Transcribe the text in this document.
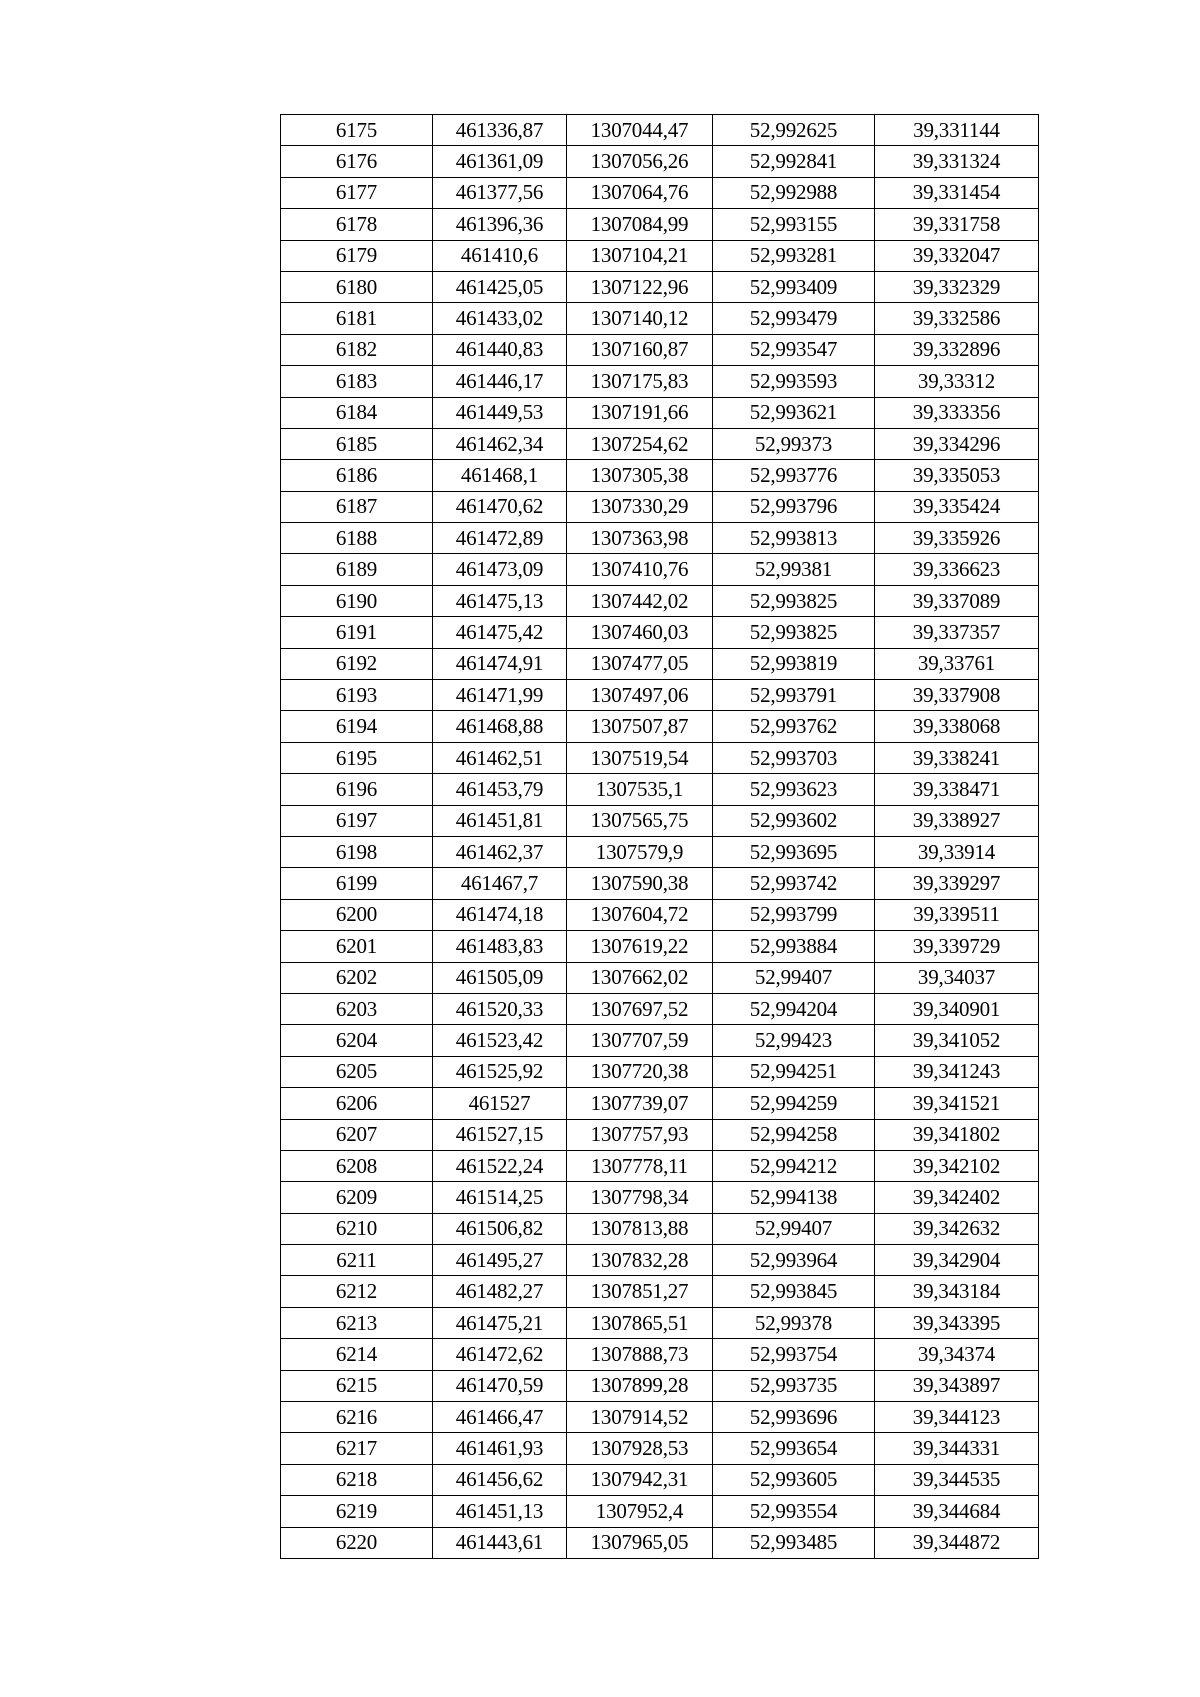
6175	461336,87	1307044,47	52,992625	39,331144
6176	461361,09	1307056,26	52,992841	39,331324
6177	461377,56	1307064,76	52,992988	39,331454
6178	461396,36	1307084,99	52,993155	39,331758
6179	461410,6	1307104,21	52,993281	39,332047
6180	461425,05	1307122,96	52,993409	39,332329
6181	461433,02	1307140,12	52,993479	39,332586
6182	461440,83	1307160,87	52,993547	39,332896
6183	461446,17	1307175,83	52,993593	39,33312
6184	461449,53	1307191,66	52,993621	39,333356
6185	461462,34	1307254,62	52,99373	39,334296
6186	461468,1	1307305,38	52,993776	39,335053
6187	461470,62	1307330,29	52,993796	39,335424
6188	461472,89	1307363,98	52,993813	39,335926
6189	461473,09	1307410,76	52,99381	39,336623
6190	461475,13	1307442,02	52,993825	39,337089
6191	461475,42	1307460,03	52,993825	39,337357
6192	461474,91	1307477,05	52,993819	39,33761
6193	461471,99	1307497,06	52,993791	39,337908
6194	461468,88	1307507,87	52,993762	39,338068
6195	461462,51	1307519,54	52,993703	39,338241
6196	461453,79	1307535,1	52,993623	39,338471
6197	461451,81	1307565,75	52,993602	39,338927
6198	461462,37	1307579,9	52,993695	39,33914
6199	461467,7	1307590,38	52,993742	39,339297
6200	461474,18	1307604,72	52,993799	39,339511
6201	461483,83	1307619,22	52,993884	39,339729
6202	461505,09	1307662,02	52,99407	39,34037
6203	461520,33	1307697,52	52,994204	39,340901
6204	461523,42	1307707,59	52,99423	39,341052
6205	461525,92	1307720,38	52,994251	39,341243
6206	461527	1307739,07	52,994259	39,341521
6207	461527,15	1307757,93	52,994258	39,341802
6208	461522,24	1307778,11	52,994212	39,342102
6209	461514,25	1307798,34	52,994138	39,342402
6210	461506,82	1307813,88	52,99407	39,342632
6211	461495,27	1307832,28	52,993964	39,342904
6212	461482,27	1307851,27	52,993845	39,343184
6213	461475,21	1307865,51	52,99378	39,343395
6214	461472,62	1307888,73	52,993754	39,34374
6215	461470,59	1307899,28	52,993735	39,343897
6216	461466,47	1307914,52	52,993696	39,344123
6217	461461,93	1307928,53	52,993654	39,344331
6218	461456,62	1307942,31	52,993605	39,344535
6219	461451,13	1307952,4	52,993554	39,344684
6220	461443,61	1307965,05	52,993485	39,344872
